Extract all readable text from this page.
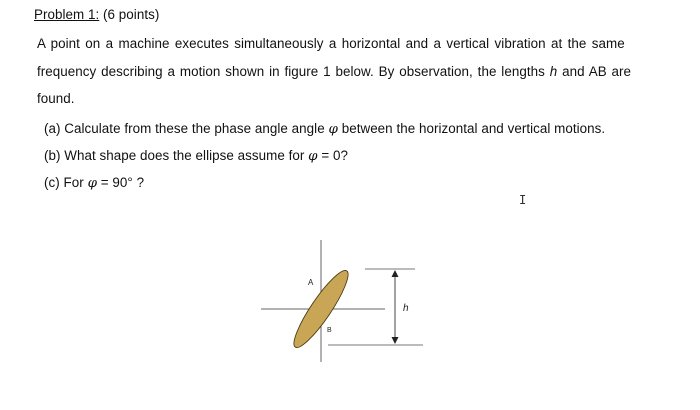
Problem 1: (6 points)

A point on a machine executes simultaneously a horizontal and a vertical vibration at the same

frequency describing a motion shown in figure 1 below. By observation, the lengths h and AB are

found.

(a) Calculate from these the phase angle angle φ between the horizontal and vertical motions.

(b) What shape does the ellipse assume for φ = 0?

(c) For φ = 90° ?

I
A
B
h
